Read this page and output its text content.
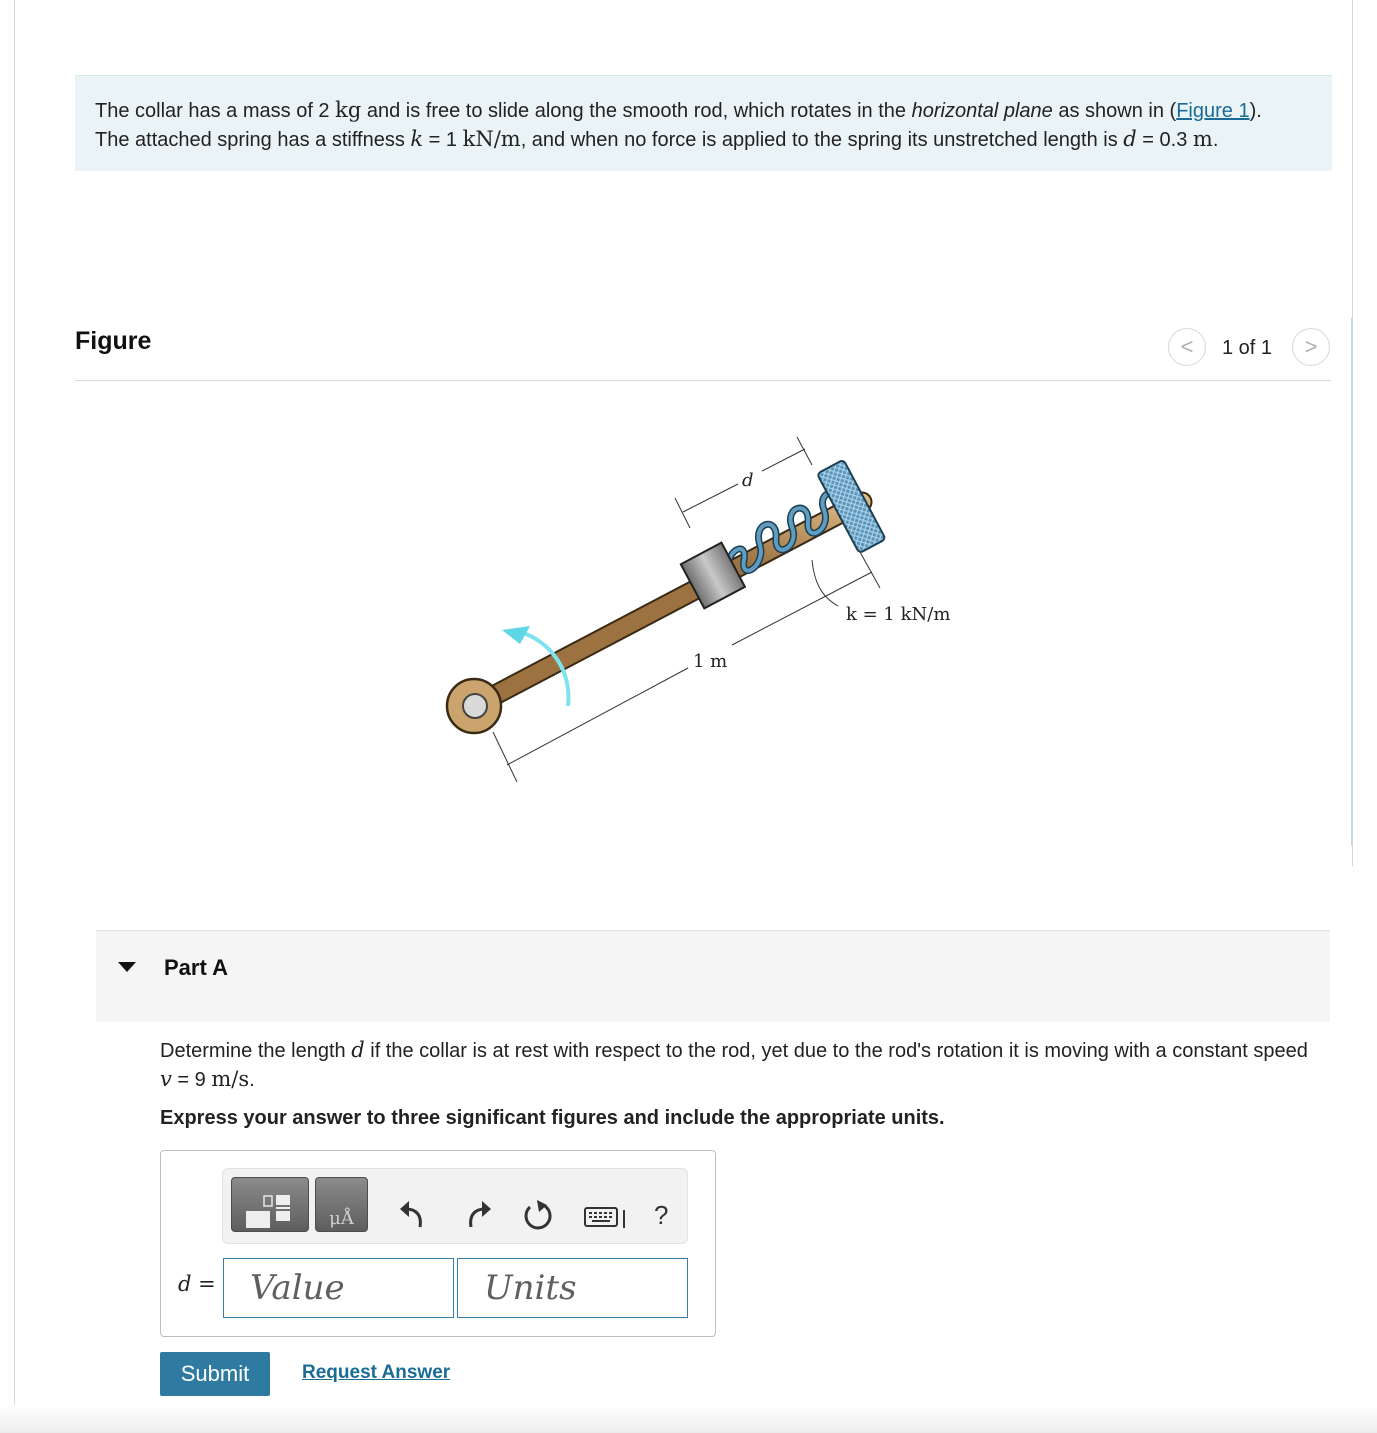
The collar has a mass of 2 kg and is free to slide along the smooth rod, which rotates in the horizontal plane as shown in (Figure 1).
The attached spring has a stiffness k = 1 kN/m, and when no force is applied to the spring its unstretched length is d = 0.3 m.
Figure	<	1 of 1	>
1 m
d
k = 1 kN/m
Part A
Determine the length d if the collar is at rest with respect to the rod, yet due to the rod's rotation it is moving with a constant speed v = 9 m/s.
Express your answer to three significant figures and include the appropriate units.
μÅ	?
d =
Value
Units
Submit	Request Answer
